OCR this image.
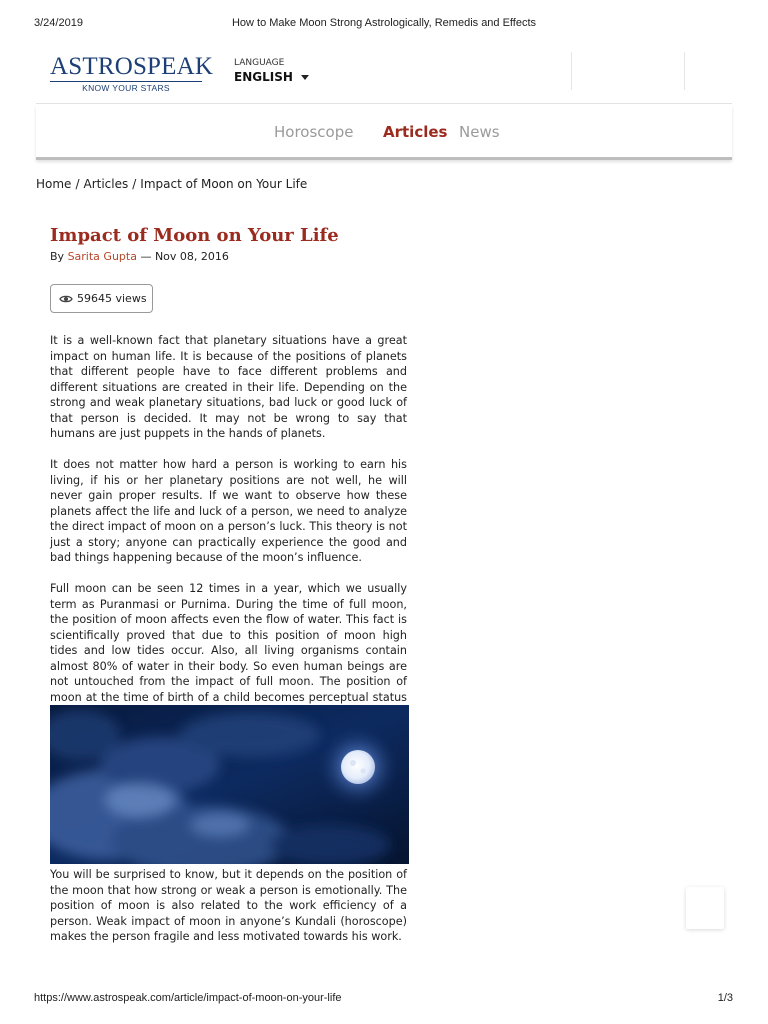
3/24/2019	How to Make Moon Strong Astrologically, Remedis and Effects
ASTROSPEAK
KNOW YOUR STARS
LANGUAGE
ENGLISH
Horoscope Articles News
Home / Articles / Impact of Moon on Your Life
Impact of Moon on Your Life
By Sarita Gupta — Nov 08, 2016
59645 views

It is a well-known fact that planetary situations have a great impact on human life. It is because of the positions of planets that different people have to face different problems and different situations are created in their life. Depending on the strong and weak planetary situations, bad luck or good luck of that person is decided. It may not be wrong to say that humans are just puppets in the hands of planets.

It does not matter how hard a person is working to earn his living, if his or her planetary positions are not well, he will never gain proper results. If we want to observe how these planets affect the life and luck of a person, we need to analyze the direct impact of moon on a person’s luck. This theory is not just a story; anyone can practically experience the good and bad things happening because of the moon’s influence.

Full moon can be seen 12 times in a year, which we usually term as Puranmasi or Purnima. During the time of full moon, the position of moon affects even the flow of water. This fact is scientifically proved that due to this position of moon high tides and low tides occur. Also, all living organisms contain almost 80% of water in their body. So even human beings are not untouched from the impact of full moon. The position of moon at the time of birth of a child becomes perceptual status

You will be surprised to know, but it depends on the position of the moon that how strong or weak a person is emotionally. The position of moon is also related to the work efficiency of a person. Weak impact of moon in anyone’s Kundali (horoscope) makes the person fragile and less motivated towards his work.

https://www.astrospeak.com/article/impact-of-moon-on-your-life	1/3
